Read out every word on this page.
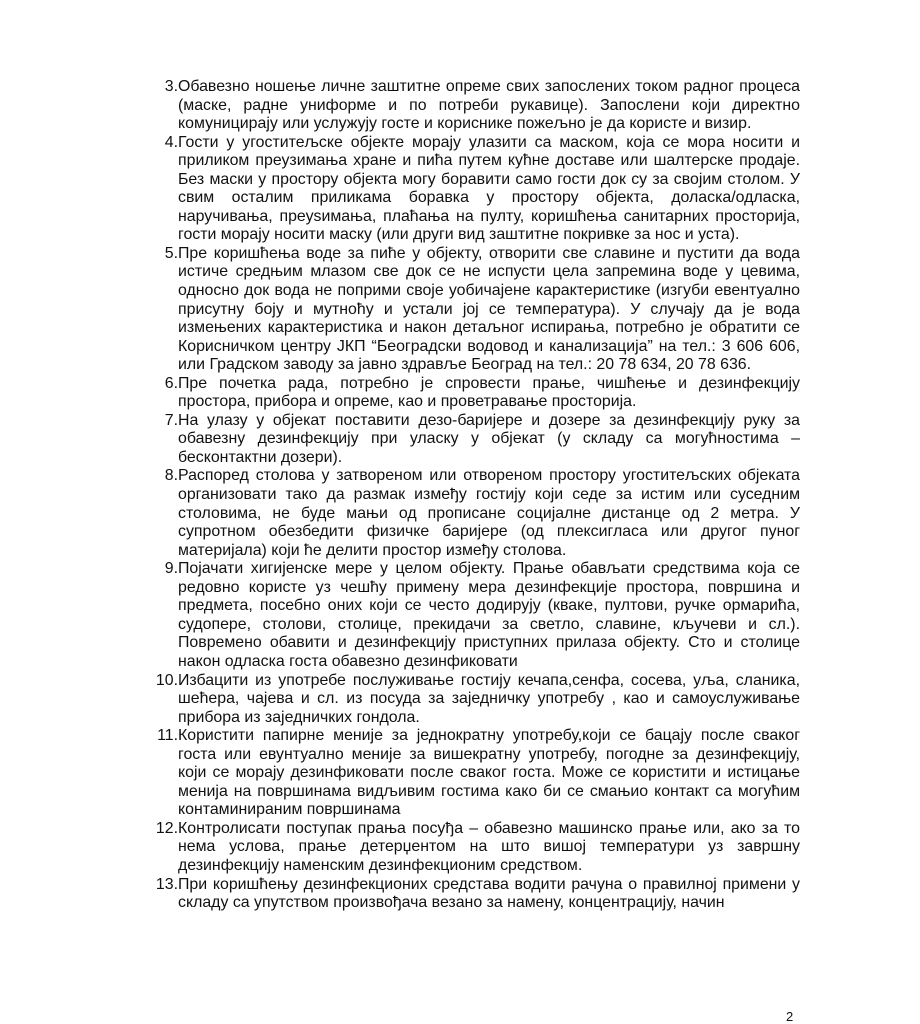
3. Обавезно ношење личне заштитне опреме свих запослених током радног процеса (маске, радне униформе и по потреби рукавице). Запослени који директно комуницирају или услужују госте и кориснике пожељно је да користе и визир.
4. Гости у угоститељске објекте морају улазити са маском, која се мора носити и приликом преузимања хране и пића путем кућне доставе или шалтерске продаје. Без маски у простору објекта могу боравити само гости док су за својим столом. У свим осталим приликама боравка у простору објекта, доласка/одласка, наручивања, преуѕимања, плаћања на пулту, коришћења санитарних просторија, гости морају носити маску (или други вид заштитне покривке за нос и уста).
5. Пре коришћења воде за пиће у објекту, отворити све славине и пустити да вода истиче средњим млазом све док се не испусти цела запремина воде у цевима, односно док вода не поприми своје уобичајене карактеристике (изгуби евентуално присутну боју и мутноћу и устали јој се температура). У случају да је вода измењених карактеристика и након детаљног испирања, потребно је обратити се Корисничком центру ЈКП “Београдски водовод и канализација” на тел.: 3 606 606, или Градском заводу за јавно здравље Београд на тел.: 20 78 634, 20 78 636.
6. Пре почетка рада, потребно је спровести прање, чишћење и дезинфекцију простора, прибора и опреме, као и проветравање просторија.
7. На улазу у објекат поставити дезо-баријере и дозере за дезинфекцију руку за обавезну дезинфекцију при уласку у објекат (у складу са могућностима – бесконтактни дозери).
8. Распоред столова у затвореном или отвореном простору угоститељских објеката организовати тако да размак између гостију који седе за истим или суседним столовима, не буде мањи од прописане социјалне дистанце од 2 метра. У супротном обезбедити физичке баријере (од плексигласа или другог пуног материјала) који ће делити простор између столова.
9. Појачати хигијенске мере у целом објекту. Прање обављати средствима која се редовно користе уз чешћу примену мера дезинфекције простора, површина и предмета, посебно оних који се често додирују (кваке, пултови, ручке ормарића, судопере, столови, столице, прекидачи за светло, славине, кључеви и сл.). Повремено обавити и дезинфекцију приступних прилаза објекту. Сто и столице након одласка госта обавезно дезинфиковати
10. Избацити из употребе послуживање гостију кечапа,сенфа, сосева, уља, сланика, шећера, чајева и сл. из посуда за заједничку употребу , као и самоуслуживање прибора из заједничких гондола.
11. Користити папирне меније за једнократну употребу,који се бацају после сваког госта или евунтуално меније за вишекратну употребу, погодне за дезинфекцију, који се морају дезинфиковати после сваког госта. Може се користити и истицање менија на површинама видљивим гостима како би се смањио контакт са могућим контаминираним површинама
12. Контролисати поступак прања посуђа – обавезно машинско прање или, ако за то нема услова, прање детерџентом на што вишој температури уз завршну дезинфекцију наменским дезинфекционим средством.
13. При коришћењу дезинфекционих средстава водити рачуна о правилној примени у складу са упутством произвођача везано за намену, концентрацију, начин
2
